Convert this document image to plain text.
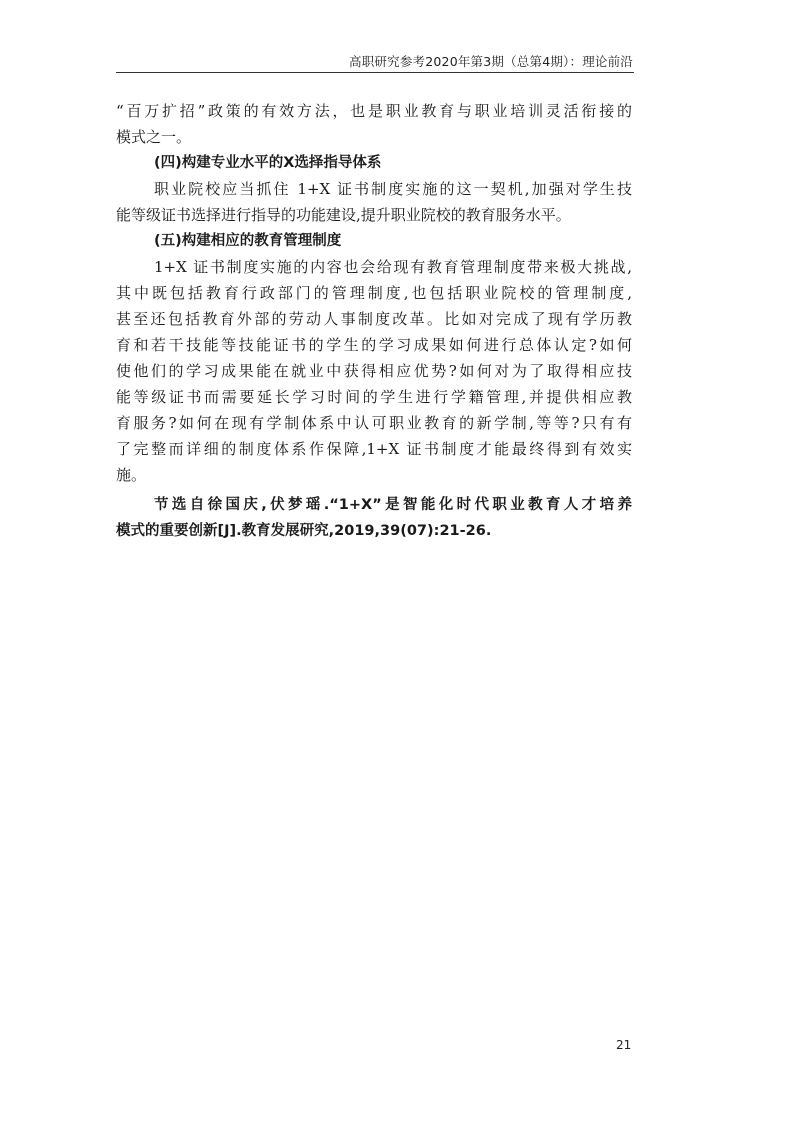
高职研究参考2020年第3期（总第4期）：理论前沿
“百万扩招”政策的有效方法，也是职业教育与职业培训灵活衔接的
模式之一。
(四)构建专业水平的X选择指导体系
职业院校应当抓住 1+X 证书制度实施的这一契机,加强对学生技
能等级证书选择进行指导的功能建设,提升职业院校的教育服务水平。
(五)构建相应的教育管理制度
1+X 证书制度实施的内容也会给现有教育管理制度带来极大挑战,
其中既包括教育行政部门的管理制度,也包括职业院校的管理制度,
甚至还包括教育外部的劳动人事制度改革。比如对完成了现有学历教
育和若干技能等技能证书的学生的学习成果如何进行总体认定?如何
使他们的学习成果能在就业中获得相应优势?如何对为了取得相应技
能等级证书而需要延长学习时间的学生进行学籍管理,并提供相应教
育服务?如何在现有学制体系中认可职业教育的新学制,等等?只有有
了完整而详细的制度体系作保障,1+X 证书制度才能最终得到有效实
施。
节选自徐国庆,伏梦瑶.“1+X”是智能化时代职业教育人才培养
模式的重要创新[J].教育发展研究,2019,39(07):21-26.
21
